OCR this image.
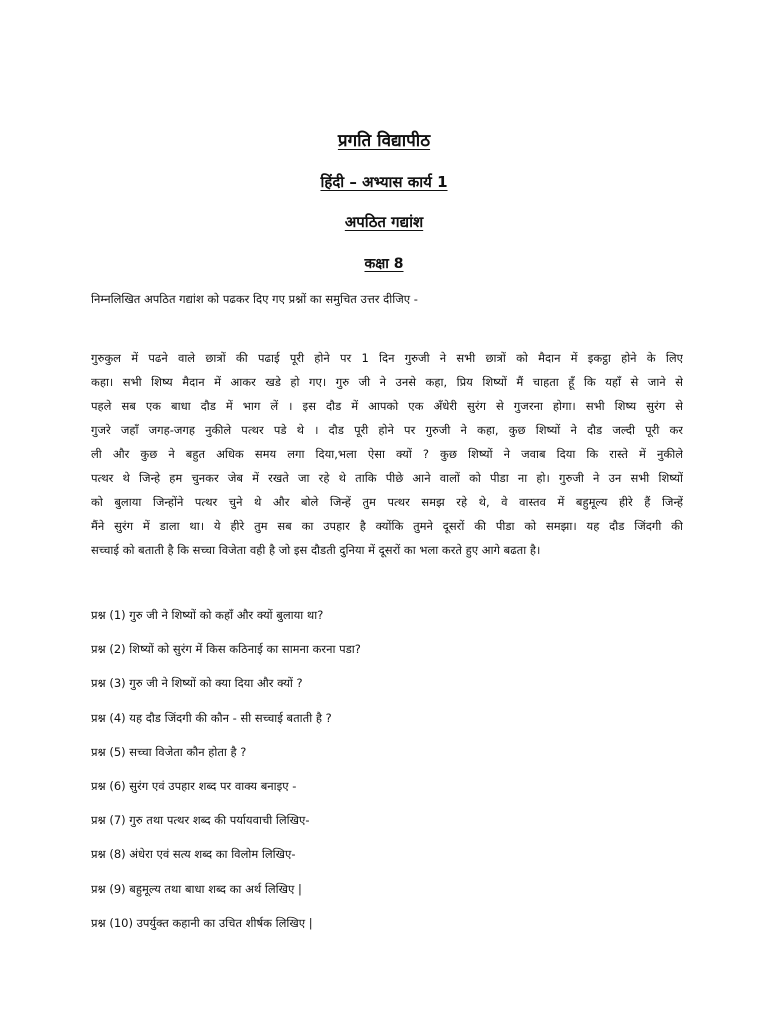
प्रगति विद्यापीठ
हिंदी – अभ्यास कार्य 1
अपठित गद्यांश
कक्षा 8
निम्नलिखित अपठित गद्यांश को पढकर दिए गए प्रश्नों का समुचित उत्तर दीजिए -
गुरुकुल में पढने वाले छात्रों की पढाई पूरी होने पर 1 दिन गुरुजी ने सभी छात्रों को मैदान में इकट्ठा होने के लिए
कहा। सभी शिष्य मैदान में आकर खडे हो गए। गुरु जी ने उनसे कहा, प्रिय शिष्यों मैं चाहता हूँ कि यहाँ से जाने से
पहले सब एक बाधा दौड में भाग लें । इस दौड में आपको एक अँधेरी सुरंग से गुजरना होगा। सभी शिष्य सुरंग से
गुजरे जहाँ जगह-जगह नुकीले पत्थर पडे थे । दौड पूरी होने पर गुरुजी ने कहा, कुछ शिष्यों ने दौड जल्दी पूरी कर
ली और कुछ ने बहुत अधिक समय लगा दिया,भला ऐसा क्यों ? कुछ शिष्यों ने जवाब दिया कि रास्ते में नुकीले
पत्थर थे जिन्हे हम चुनकर जेब में रखते जा रहे थे ताकि पीछे आने वालों को पीडा ना हो। गुरुजी ने उन सभी शिष्यों
को बुलाया जिन्होंने पत्थर चुने थे और बोले जिन्हें तुम पत्थर समझ रहे थे, वे वास्तव में बहुमूल्य हीरे हैं जिन्हें
मैंने सुरंग में डाला था। ये हीरे तुम सब का उपहार है क्योंकि तुमने दूसरों की पीडा को समझा। यह दौड जिंदगी की
सच्चाई को बताती है कि सच्चा विजेता वही है जो इस दौडती दुनिया में दूसरों का भला करते हुए आगे बढता है।
प्रश्न (1) गुरु जी ने शिष्यों को कहाँ और क्यों बुलाया था?
प्रश्न (2) शिष्यों को सुरंग में किस कठिनाई का सामना करना पडा?
प्रश्न (3) गुरु जी ने शिष्यों को क्या दिया और क्यों ?
प्रश्न (4) यह दौड जिंदगी की कौन - सी सच्चाई बताती है ?
प्रश्न (5) सच्चा विजेता कौन होता है ?
प्रश्न (6) सुरंग एवं उपहार शब्द पर वाक्य बनाइए -
प्रश्न (7) गुरु तथा पत्थर शब्द की पर्यायवाची लिखिए-
प्रश्न (8) अंधेरा एवं सत्य शब्द का विलोम लिखिए-
प्रश्न (9) बहुमूल्य तथा बाधा शब्द का अर्थ लिखिए |
प्रश्न (10) उपर्युक्त कहानी का उचित शीर्षक लिखिए |
